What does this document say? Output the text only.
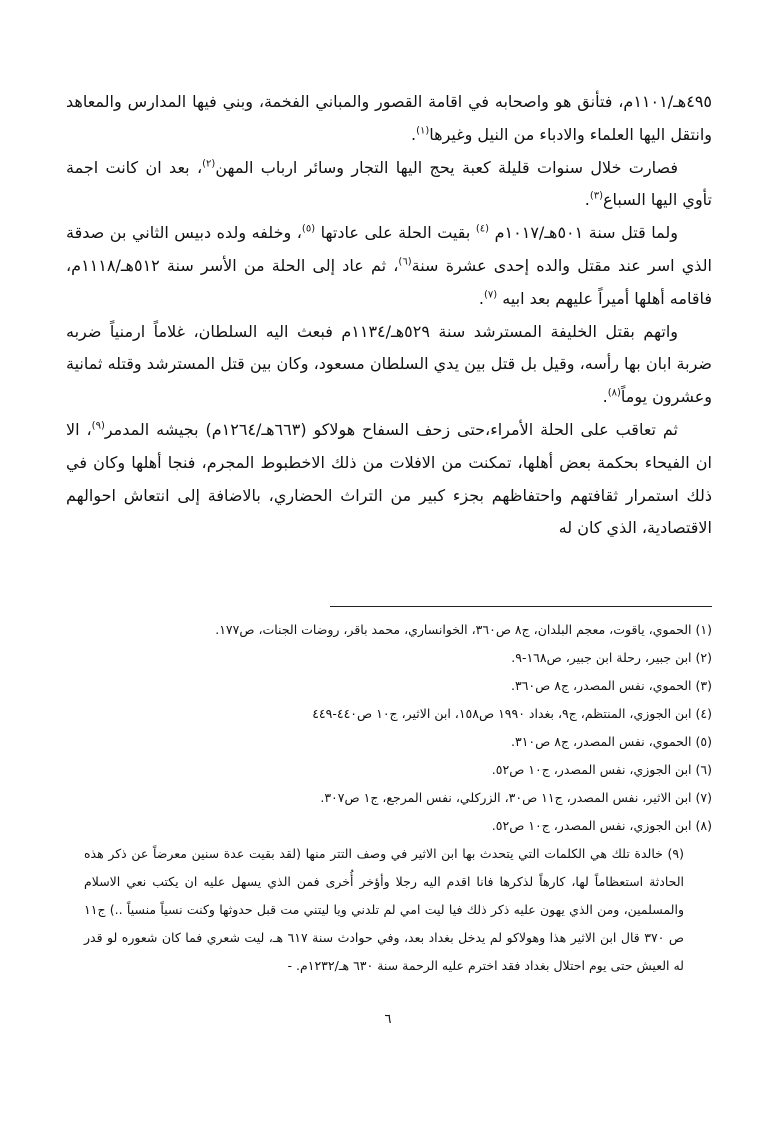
٤٩٥هـ/١١٠١م، فتأنق هو واصحابه في اقامة القصور والمباني الفخمة، وبني فيها المدارس والمعاهد وانتقل اليها العلماء والادباء من النيل وغيرها$^{(١)}$.

فصارت خلال سنوات قليلة كعبة يحج اليها التجار وسائر ارباب المهن$^{(٢)}$، بعد ان كانت اجمة تأوي اليها السباع$^{(٣)}$.

ولما قتل سنة ٥٠١هـ/١٠١٧م $^{(٤)}$ بقيت الحلة على عادتها $^{(٥)}$، وخلفه ولده دبيس الثاني بن صدقة الذي اسر عند مقتل والده إحدى عشرة سنة$^{(٦)}$، ثم عاد إلى الحلة من الأسر سنة ٥١٢هـ/١١١٨م، فاقامه أهلها أميراً عليهم بعد ابيه $^{(٧)}$.

واتهم بقتل الخليفة المسترشد سنة ٥٢٩هـ/١١٣٤م فبعث اليه السلطان، غلاماً ارمنياً ضربه ضربة ابان بها رأسه، وقيل بل قتل بين يدي السلطان مسعود، وكان بين قتل المسترشد وقتله ثمانية وعشرون يوماً$^{(٨)}$.

ثم تعاقب على الحلة الأمراء،حتى زحف السفاح هولاكو (٦٦٣هـ/١٢٦٤م) بجيشه المدمر$^{(٩)}$، الا ان الفيحاء بحكمة بعض أهلها، تمكنت من الافلات من ذلك الاخطبوط المجرم، فنجا أهلها وكان في ذلك استمرار ثقافتهم واحتفاظهم بجزء كبير من التراث الحضاري، بالاضافة إلى انتعاش احوالهم الاقتصادية، الذي كان له

(١) الحموي، ياقوت، معجم البلدان، ج٨ ص٣٦٠، الخوانساري، محمد باقر، روضات الجنات، ص١٧٧.

(٢) ابن جبير، رحلة ابن جبير، ص١٦٨-٩.

(٣) الحموي، نفس المصدر، ج٨ ص٣٦٠.

(٤) ابن الجوزي، المنتظم، ج٩، بغداد ١٩٩٠ ص١٥٨، ابن الاثير، ج١٠ ص٤٤٠-٤٤٩

(٥) الحموي، نفس المصدر، ج٨ ص٣١٠.

(٦) ابن الجوزي، نفس المصدر، ج١٠ ص٥٢.

(٧) ابن الاثير، نفس المصدر، ج١١ ص٣٠، الزركلي، نفس المرجع، ج١ ص٣٠٧.

(٨) ابن الجوزي، نفس المصدر، ج١٠ ص٥٢.

(٩) خالدة تلك هي الكلمات التي يتحدث بها ابن الاثير في وصف التتر منها (لقد بقيت عدة سنين معرضاً عن ذكر هذه الحادثة استعظاماً لها، كارهاً لذكرها فانا اقدم اليه رجلا وأؤخر أُخرى فمن الذي يسهل عليه ان يكتب نعي الاسلام والمسلمين، ومن الذي يهون عليه ذكر ذلك فيا ليت امي لم تلدني ويا ليتني مت قبل حدوثها وكنت نسياً منسياً ..) ج١١ ص ٣٧٠ قال ابن الاثير هذا وهولاكو لم يدخل بغداد بعد، وفي حوادث سنة ٦١٧ هـ، ليت شعري فما كان شعوره لو قدر له العيش حتى يوم احتلال بغداد فقد اخترم عليه الرحمة سنة ٦٣٠ هـ/١٢٣٢م. -

٦
